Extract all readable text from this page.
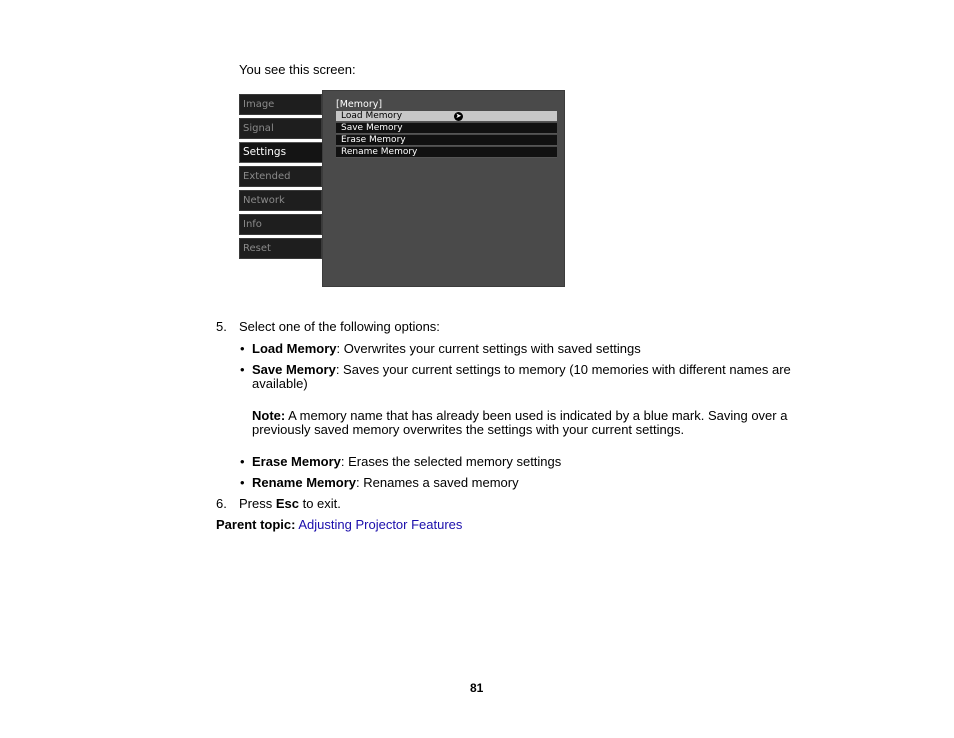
You see this screen:
Image
Signal
Settings
Extended
Network
Info
Reset
[Memory]
Load Memory	➤
Save Memory
Erase Memory
Rename Memory
5. Select one of the following options:
• Load Memory: Overwrites your current settings with saved settings
• Save Memory: Saves your current settings to memory (10 memories with different names are
available)
Note: A memory name that has already been used is indicated by a blue mark. Saving over a
previously saved memory overwrites the settings with your current settings.
• Erase Memory: Erases the selected memory settings
• Rename Memory: Renames a saved memory
6. Press Esc to exit.
Parent topic: Adjusting Projector Features
81
